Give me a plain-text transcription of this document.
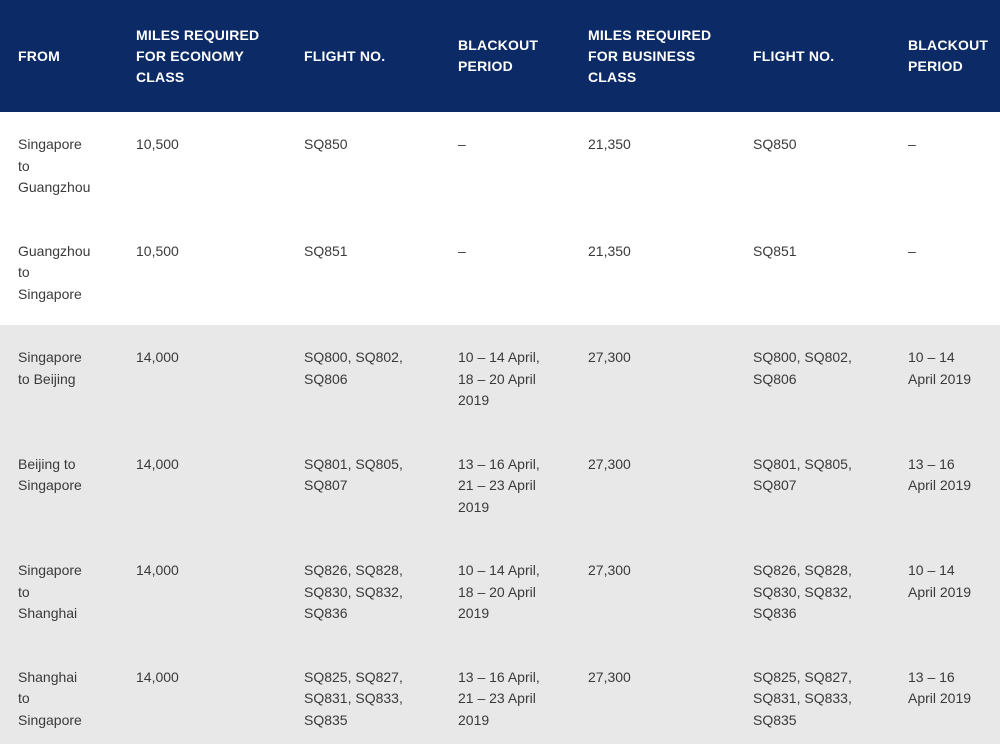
FROM	MILES REQUIRED
FOR ECONOMY
CLASS	FLIGHT NO.	BLACKOUT
PERIOD	MILES REQUIRED
FOR BUSINESS
CLASS	FLIGHT NO.	BLACKOUT
PERIOD

Singapore
to
Guangzhou	10,500	SQ850	–	21,350	SQ850	–

Guangzhou
to
Singapore	10,500	SQ851	–	21,350	SQ851	–

Singapore
to Beijing	14,000	SQ800, SQ802,
SQ806	10 – 14 April,
18 – 20 April
2019	27,300	SQ800, SQ802,
SQ806	10 – 14
April 2019

Beijing to
Singapore	14,000	SQ801, SQ805,
SQ807	13 – 16 April,
21 – 23 April
2019	27,300	SQ801, SQ805,
SQ807	13 – 16
April 2019

Singapore
to
Shanghai	14,000	SQ826, SQ828,
SQ830, SQ832,
SQ836	10 – 14 April,
18 – 20 April
2019	27,300	SQ826, SQ828,
SQ830, SQ832,
SQ836	10 – 14
April 2019

Shanghai
to
Singapore	14,000	SQ825, SQ827,
SQ831, SQ833,
SQ835	13 – 16 April,
21 – 23 April
2019	27,300	SQ825, SQ827,
SQ831, SQ833,
SQ835	13 – 16
April 2019
